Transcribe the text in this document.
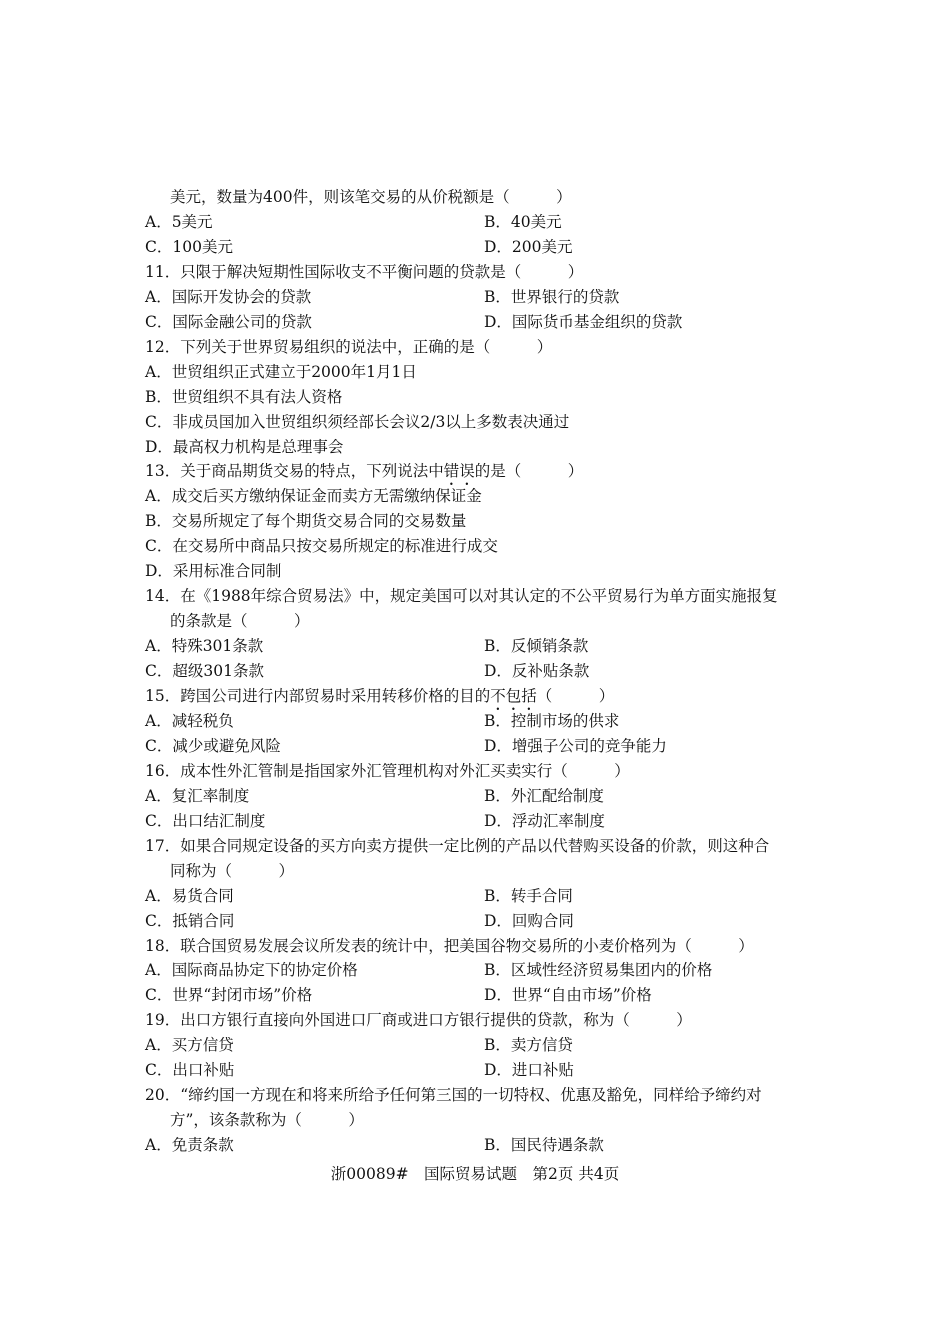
美元，数量为400件，则该笔交易的从价税额是（　　　）
A．5美元	B．40美元
C．100美元	D．200美元
11．只限于解决短期性国际收支不平衡问题的贷款是（　　　）
A．国际开发协会的贷款	B．世界银行的贷款
C．国际金融公司的贷款	D．国际货币基金组织的贷款
12．下列关于世界贸易组织的说法中，正确的是（　　　）
A．世贸组织正式建立于2000年1月1日
B．世贸组织不具有法人资格
C．非成员国加入世贸组织须经部长会议2/3以上多数表决通过
D．最高权力机构是总理事会
13．关于商品期货交易的特点，下列说法中错误的是（　　　）
A．成交后买方缴纳保证金而卖方无需缴纳保证金
B．交易所规定了每个期货交易合同的交易数量
C．在交易所中商品只按交易所规定的标准进行成交
D．采用标准合同制
14．在《1988年综合贸易法》中，规定美国可以对其认定的不公平贸易行为单方面实施报复
的条款是（　　　）
A．特殊301条款	B．反倾销条款
C．超级301条款	D．反补贴条款
15．跨国公司进行内部贸易时采用转移价格的目的不包括（　　　）
A．减轻税负	B．控制市场的供求
C．减少或避免风险	D．增强子公司的竞争能力
16．成本性外汇管制是指国家外汇管理机构对外汇买卖实行（　　　）
A．复汇率制度	B．外汇配给制度
C．出口结汇制度	D．浮动汇率制度
17．如果合同规定设备的买方向卖方提供一定比例的产品以代替购买设备的价款，则这种合
同称为（　　　）
A．易货合同	B．转手合同
C．抵销合同	D．回购合同
18．联合国贸易发展会议所发表的统计中，把美国谷物交易所的小麦价格列为（　　　）
A．国际商品协定下的协定价格	B．区域性经济贸易集团内的价格
C．世界“封闭市场”价格	D．世界“自由市场”价格
19．出口方银行直接向外国进口厂商或进口方银行提供的贷款，称为（　　　）
A．买方信贷	B．卖方信贷
C．出口补贴	D．进口补贴
20．“缔约国一方现在和将来所给予任何第三国的一切特权、优惠及豁免，同样给予缔约对
方”，该条款称为（　　　）
A．免责条款	B．国民待遇条款
浙00089#　国际贸易试题　第2页 共4页
